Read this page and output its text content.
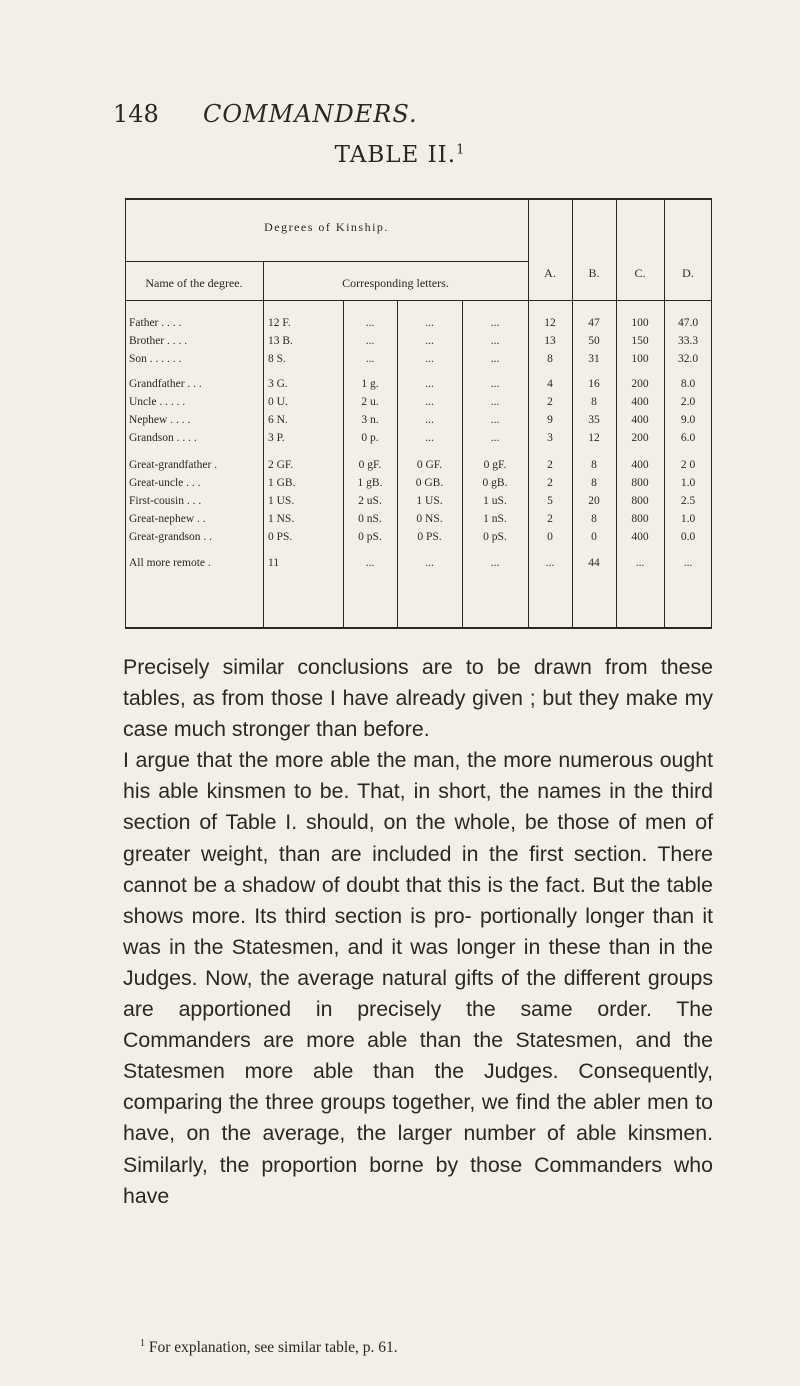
148 COMMANDERS.
TABLE II.$^1$
Degrees of Kinship.
Name of the degree.	Corresponding letters.
A.	B.	C.	D.
Father . . . .	12 F.	...	...	...	12	47	100	47.0
Brother . . . .	13 B.	...	...	...	13	50	150	33.3
Son . . . . . .	8 S.	...	...	...	8	31	100	32.0
Grandfather . . .	3 G.	1 g.	...	...	4	16	200	8.0
Uncle . . . . .	0 U.	2 u.	...	...	2	8	400	2.0
Nephew . . . .	6 N.	3 n.	...	...	9	35	400	9.0
Grandson . . . .	3 P.	0 p.	...	...	3	12	200	6.0
Great-grandfather .	2 GF.	0 gF.	0 GF.	0 gF.	2	8	400	2 0
Great-uncle . . .	1 GB.	1 gB.	0 GB.	0 gB.	2	8	800	1.0
First-cousin . . .	1 US.	2 uS.	1 US.	1 uS.	5	20	800	2.5
Great-nephew . .	1 NS.	0 nS.	0 NS.	1 nS.	2	8	800	1.0
Great-grandson . .	0 PS.	0 pS.	0 PS.	0 pS.	0	0	400	0.0
All more remote .	11	...	...	...	...	44	...	...

Precisely similar conclusions are to be drawn from these tables, as from those I have already given ; but they make my case much stronger than before.

I argue that the more able the man, the more numerous ought his able kinsmen to be. That, in short, the names in the third section of Table I. should, on the whole, be those of men of greater weight, than are included in the first section. There cannot be a shadow of doubt that this is the fact. But the table shows more. Its third section is pro- portionally longer than it was in the Statesmen, and it was longer in these than in the Judges. Now, the average natural gifts of the different groups are apportioned in precisely the same order. The Commanders are more able than the Statesmen, and the Statesmen more able than the Judges. Consequently, comparing the three groups together, we find the abler men to have, on the average, the larger number of able kinsmen. Similarly, the proportion borne by those Commanders who have

$^1$ For explanation, see similar table, p. 61.
